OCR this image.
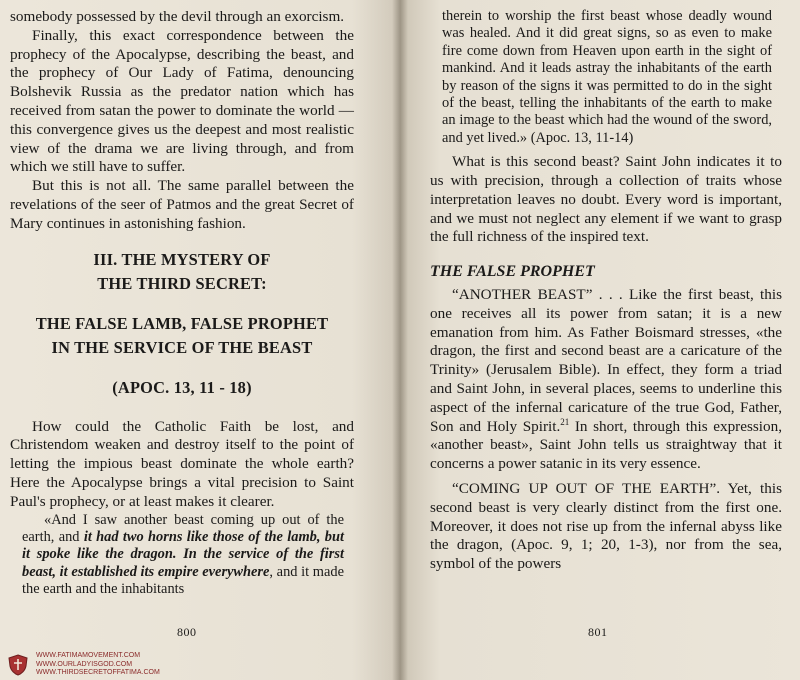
somebody possessed by the devil through an exorcism.

Finally, this exact correspondence between the prophecy of the Apocalypse, describing the beast, and the prophecy of Our Lady of Fatima, denouncing Bolshevik Russia as the predator nation which has received from satan the power to dominate the world — this convergence gives us the deepest and most realistic view of the drama we are living through, and from which we still have to suffer.

But this is not all. The same parallel between the revelations of the seer of Patmos and the great Secret of Mary continues in astonishing fashion.

III. THE MYSTERY OF
THE THIRD SECRET:
THE FALSE LAMB, FALSE PROPHET
IN THE SERVICE OF THE BEAST
(APOC. 13, 11 - 18)

How could the Catholic Faith be lost, and Christendom weaken and destroy itself to the point of letting the impious beast dominate the whole earth? Here the Apocalypse brings a vital precision to Saint Paul's prophecy, or at least makes it clearer.

«And I saw another beast coming up out of the earth, and it had two horns like those of the lamb, but it spoke like the dragon. In the service of the first beast, it established its empire everywhere, and it made the earth and the inhabitants

800

therein to worship the first beast whose deadly wound was healed. And it did great signs, so as even to make fire come down from Heaven upon earth in the sight of mankind. And it leads astray the inhabitants of the earth by reason of the signs it was permitted to do in the sight of the beast, telling the inhabitants of the earth to make an image to the beast which had the wound of the sword, and yet lived.» (Apoc. 13, 11-14)

What is this second beast? Saint John indicates it to us with precision, through a collection of traits whose interpretation leaves no doubt. Every word is important, and we must not neglect any element if we want to grasp the full richness of the inspired text.

THE FALSE PROPHET

“ANOTHER BEAST” . . . Like the first beast, this one receives all its power from satan; it is a new emanation from him. As Father Boismard stresses, «the dragon, the first and second beast are a caricature of the Trinity» (Jerusalem Bible). In effect, they form a triad and Saint John, in several places, seems to underline this aspect of the infernal caricature of the true God, Father, Son and Holy Spirit.$^{21}$ In short, through this expression, «another beast», Saint John tells us straightway that it concerns a power satanic in its very essence.

“COMING UP OUT OF THE EARTH”. Yet, this second beast is very clearly distinct from the first one. Moreover, it does not rise up from the infernal abyss like the dragon, (Apoc. 9, 1; 20, 1-3), nor from the sea, symbol of the powers

801
WWW.FATIMAMOVEMENT.COM
WWW.OURLADYISGOD.COM
WWW.THIRDSECRETOFFATIMA.COM
